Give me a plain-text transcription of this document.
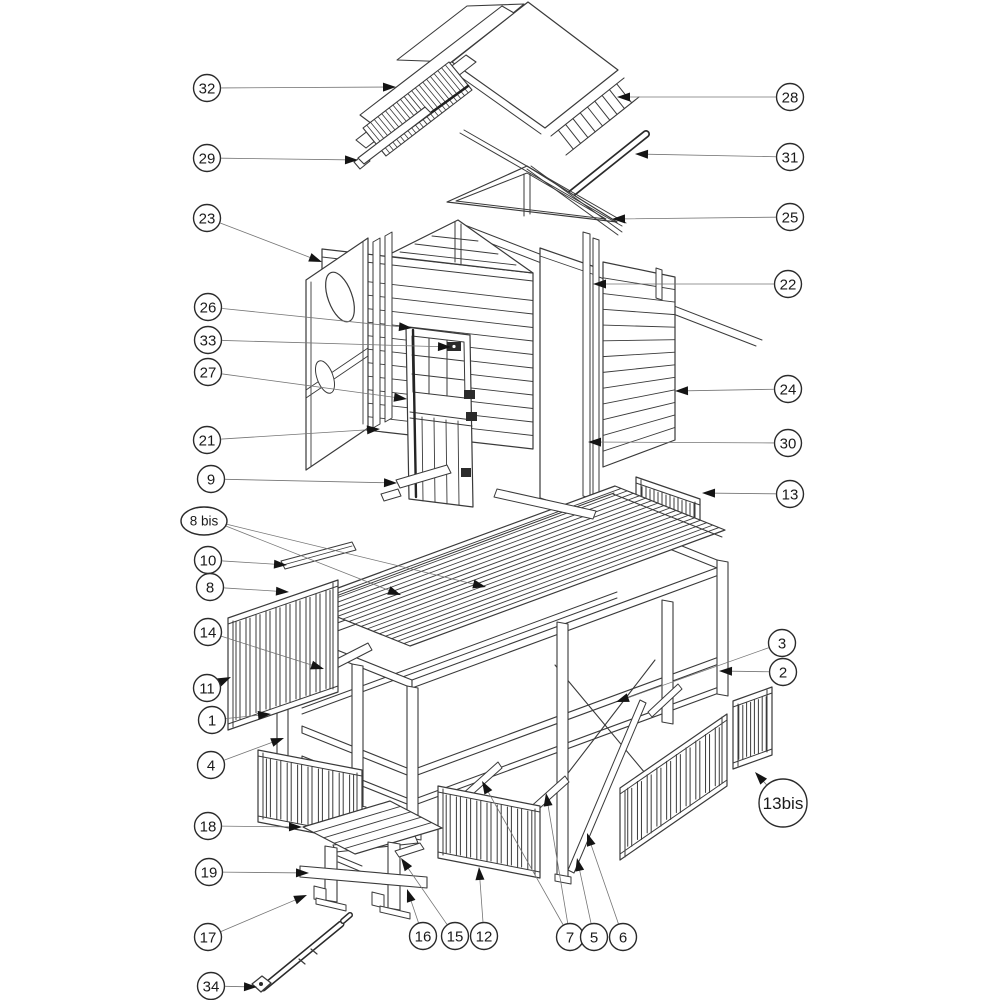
32
29
23
26
33
27
21
9
8 bis
10
8
14
11
1
4
18
19
17
34
28
31
25
22
24
30
13
3
2
13bis
16 15 12	7 5 6
